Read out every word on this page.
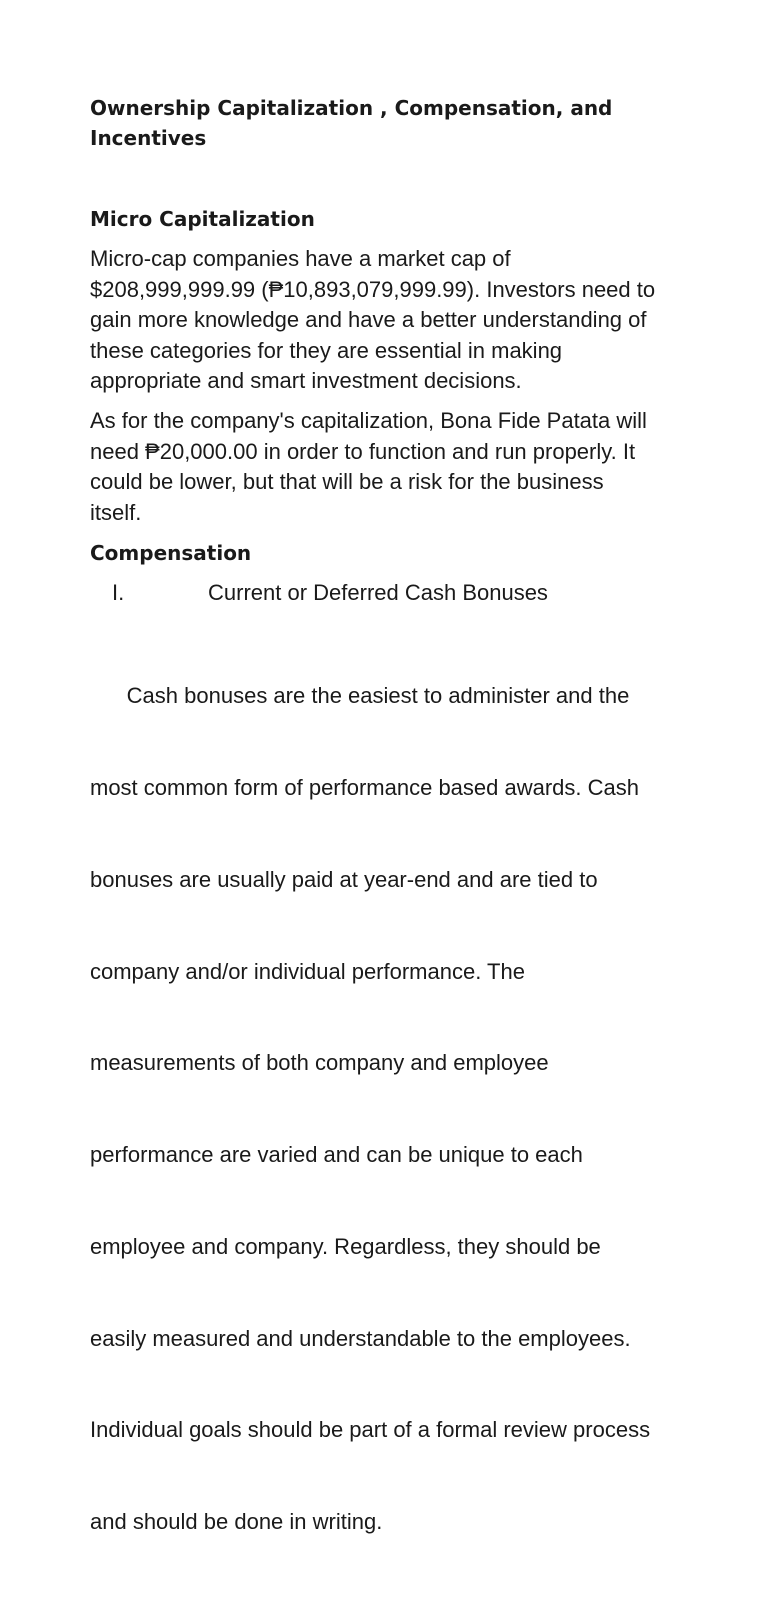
Ownership Capitalization , Compensation, and
Incentives
Micro Capitalization
Micro-cap companies have a market cap of
$208,999,999.99 (₱10,893,079,999.99). Investors need to
gain more knowledge and have a better understanding of
these categories for they are essential in making
appropriate and smart investment decisions.
As for the company's capitalization, Bona Fide Patata will
need ₱20,000.00 in order to function and run properly. It
could be lower, but that will be a risk for the business
itself.
Compensation
I.	Current or Deferred Cash Bonuses

Cash bonuses are the easiest to administer and the

most common form of performance based awards. Cash

bonuses are usually paid at year-end and are tied to

company and/or individual performance. The

measurements of both company and employee

performance are varied and can be unique to each

employee and company. Regardless, they should be

easily measured and understandable to the employees.

Individual goals should be part of a formal review process

and should be done in writing.
